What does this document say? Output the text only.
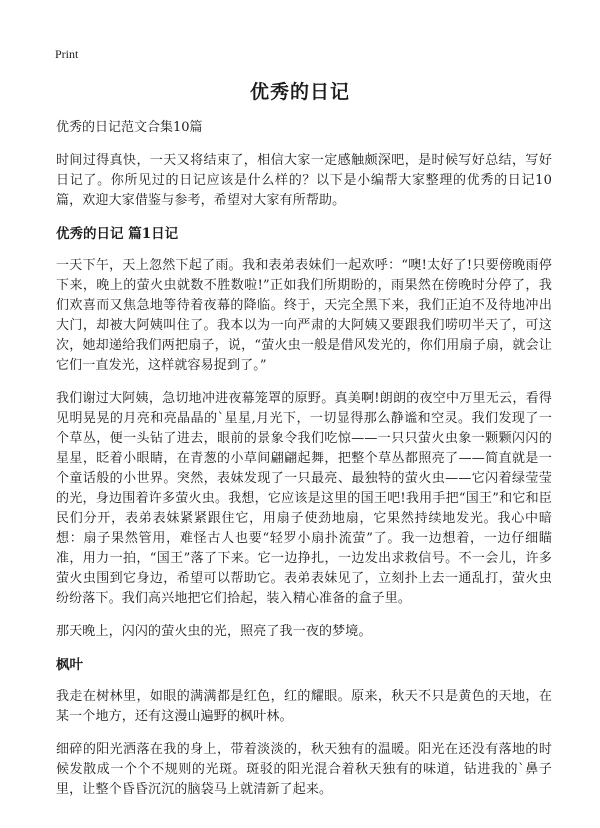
Print
优秀的日记

优秀的日记范文合集10篇

时间过得真快，一天又将结束了，相信大家一定感触颇深吧，是时候写好总结，写好日记了。你所见过的日记应该是什么样的？以下是小编帮大家整理的优秀的日记10篇，欢迎大家借鉴与参考，希望对大家有所帮助。

优秀的日记 篇1日记

一天下午，天上忽然下起了雨。我和表弟表妹们一起欢呼：“噢!太好了!只要傍晚雨停下来，晚上的萤火虫就数不胜数啦!”正如我们所期盼的，雨果然在傍晚时分停了，我们欢喜而又焦急地等待着夜幕的降临。终于，天完全黑下来，我们正迫不及待地冲出大门，却被大阿姨叫住了。我本以为一向严肃的大阿姨又要跟我们唠叨半天了，可这次，她却递给我们两把扇子，说，“萤火虫一般是借风发光的，你们用扇子扇，就会让它们一直发光，这样就容易捉到了。”

我们谢过大阿姨，急切地冲进夜幕笼罩的原野。真美啊!朗朗的夜空中万里无云，看得见明晃晃的月亮和亮晶晶的`星星,月光下，一切显得那么静谧和空灵。我们发现了一个草丛，便一头钻了进去，眼前的景象令我们吃惊——一只只萤火虫象一颗颗闪闪的星星，眨着小眼睛，在青葱的小草间翩翩起舞，把整个草丛都照亮了——简直就是一个童话般的小世界。突然，表妹发现了一只最亮、最独特的萤火虫——它闪着绿莹莹的光，身边围着许多萤火虫。我想，它应该是这里的国王吧!我用手把“国王”和它和臣民们分开，表弟表妹紧紧跟住它，用扇子使劲地扇，它果然持续地发光。我心中暗想：扇子果然管用，难怪古人也要“轻罗小扇扑流萤”了。我一边想着，一边仔细瞄准，用力一拍，“国王”落了下来。它一边挣扎，一边发出求救信号。不一会儿，许多萤火虫围到它身边，希望可以帮助它。表弟表妹见了，立刻扑上去一通乱打，萤火虫纷纷落下。我们高兴地把它们拾起，装入精心准备的盒子里。

那天晚上，闪闪的萤火虫的光，照亮了我一夜的梦境。

枫叶

我走在树林里，如眼的满满都是红色，红的耀眼。原来，秋天不只是黄色的天地，在某一个地方，还有这漫山遍野的枫叶林。

细碎的阳光洒落在我的身上，带着淡淡的，秋天独有的温暖。阳光在还没有落地的时候发散成一个个不规则的光斑。斑驳的阳光混合着秋天独有的味道，钻进我的`鼻子里，让整个昏昏沉沉的脑袋马上就清新了起来。
